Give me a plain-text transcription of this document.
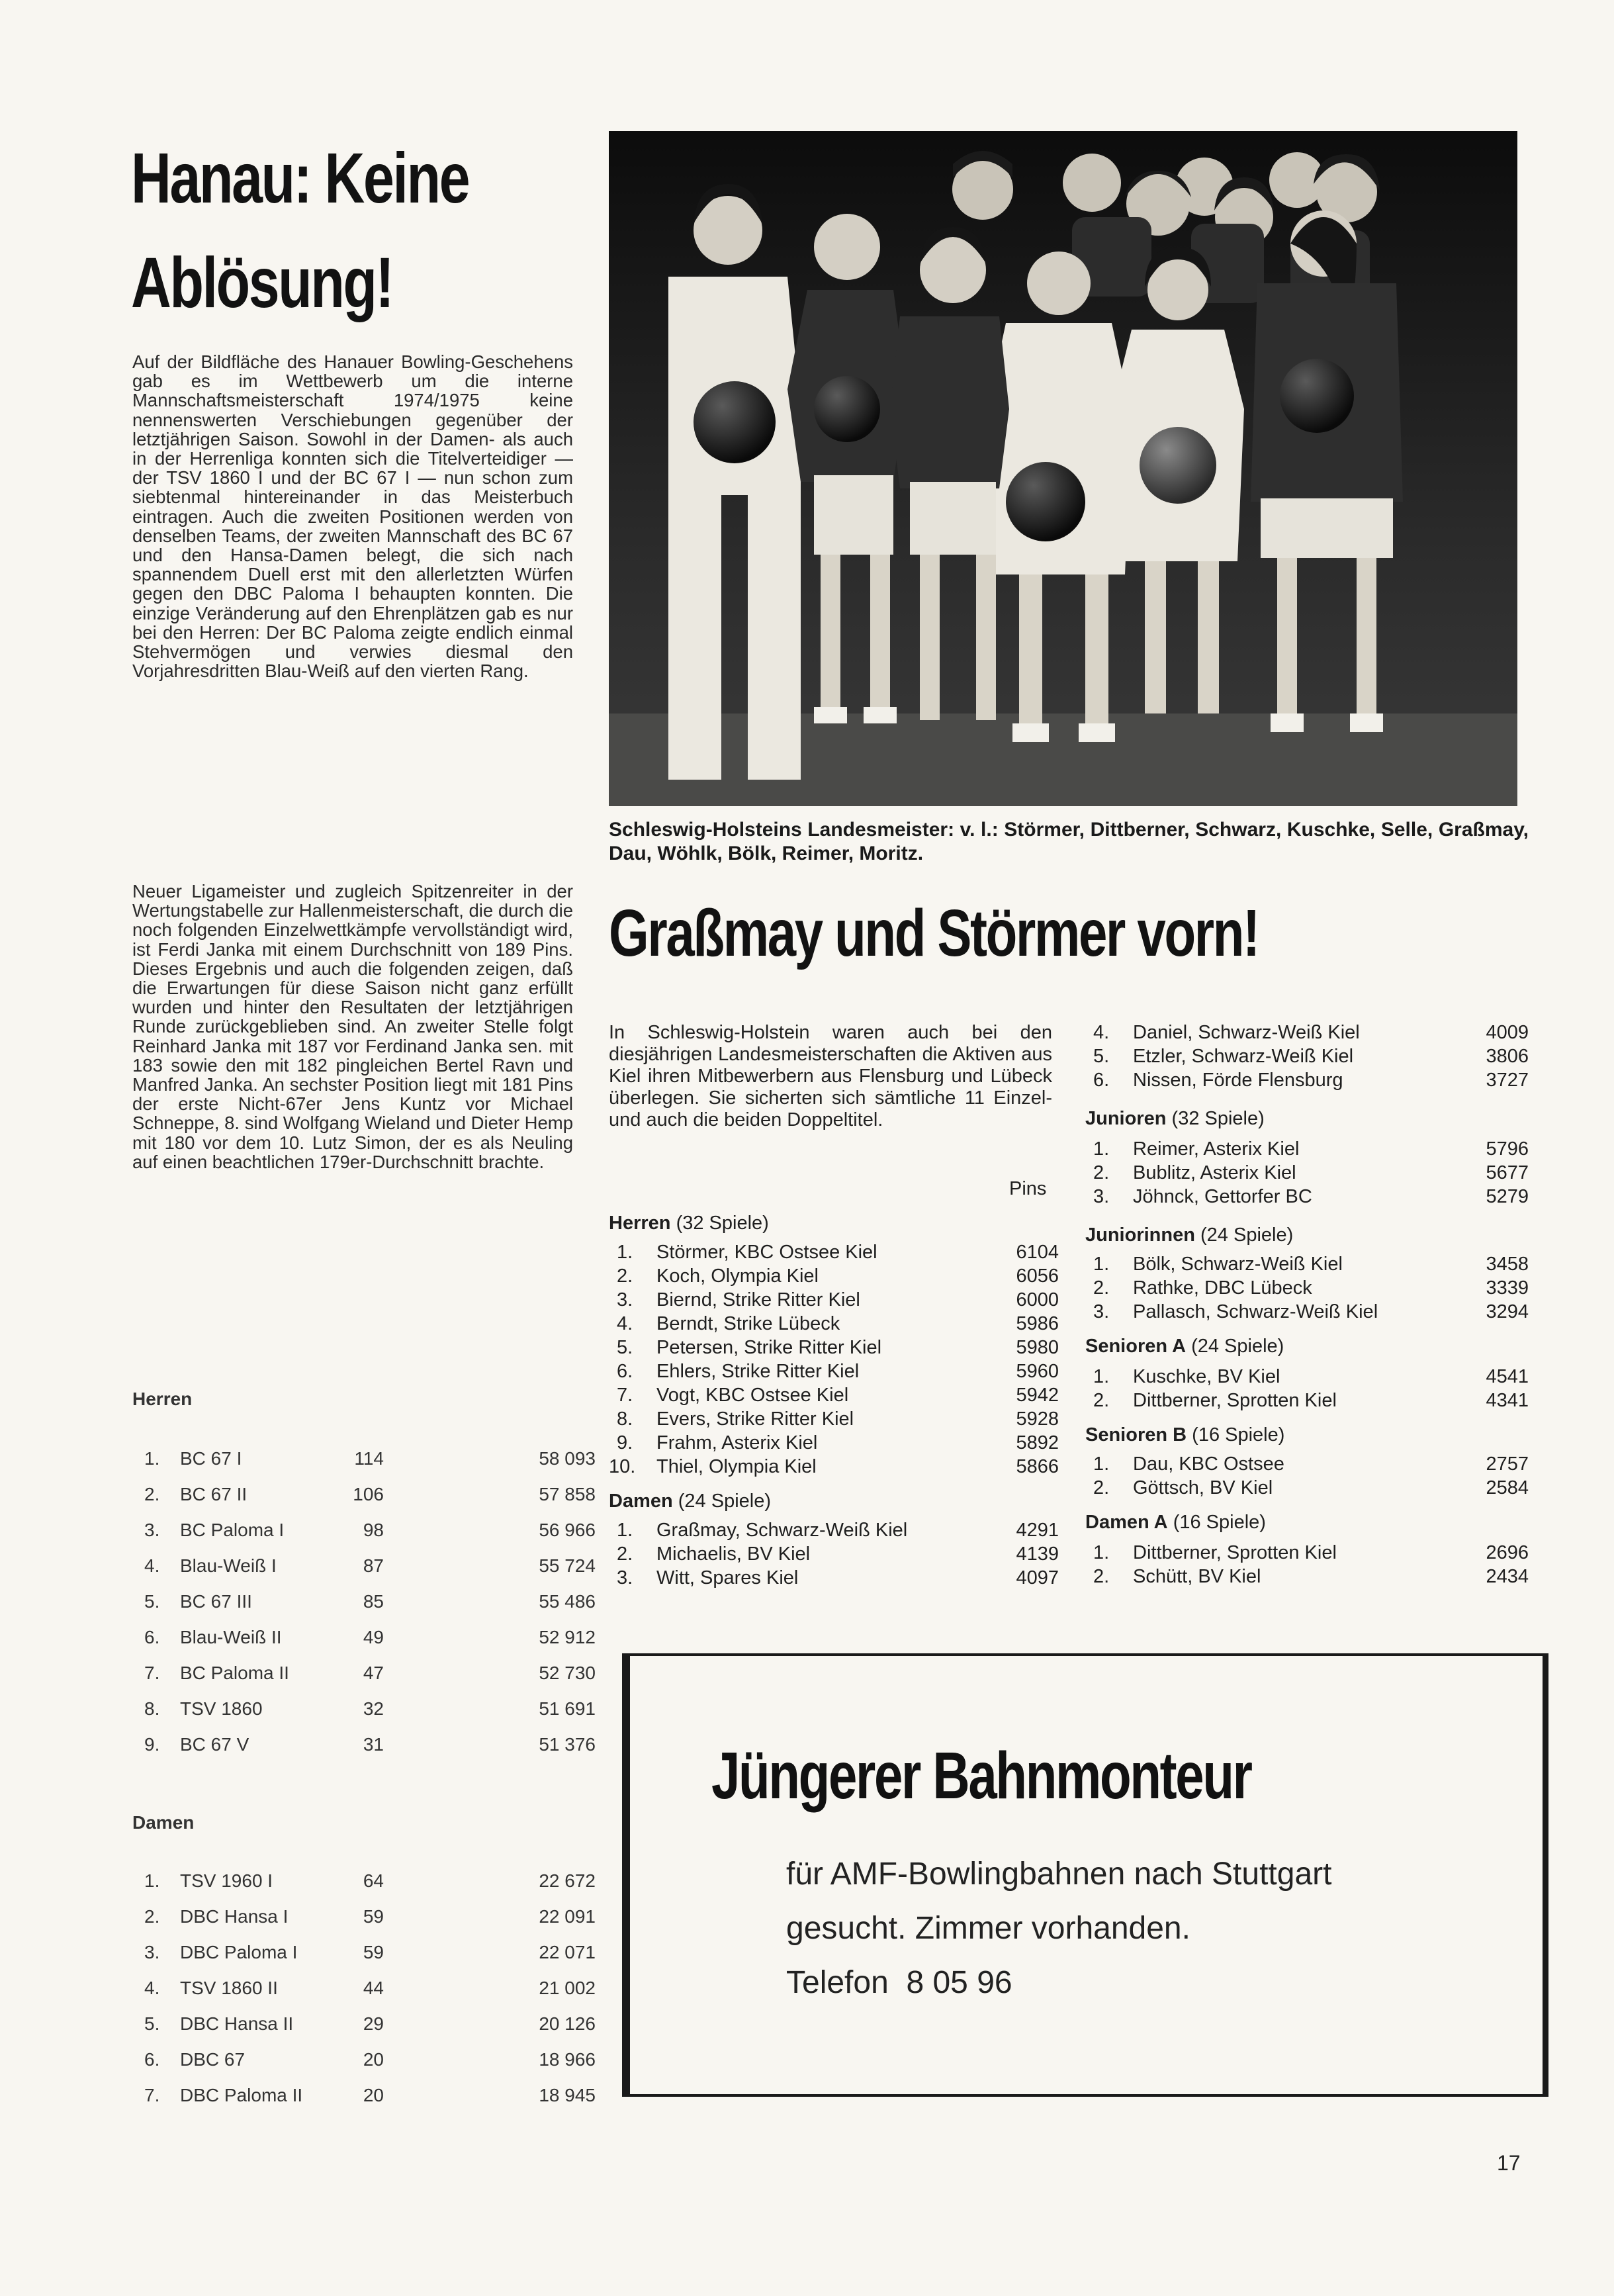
Hanau: Keine
Ablösung!
Auf der Bildfläche des Hanauer Bowling-Geschehens gab es im Wettbewerb um die interne Mannschaftsmeisterschaft 1974/1975 keine nennenswerten Verschiebungen gegenüber der letztjährigen Saison. Sowohl in der Damen- als auch in der Herrenliga konnten sich die Titelverteidiger — der TSV 1860 I und der BC 67 I — nun schon zum siebtenmal hintereinander in das Meisterbuch eintragen. Auch die zweiten Positionen werden von denselben Teams, der zweiten Mannschaft des BC 67 und den Hansa-Damen belegt, die sich nach spannendem Duell erst mit den allerletzten Würfen gegen den DBC Paloma I behaupten konnten. Die einzige Veränderung auf den Ehrenplätzen gab es nur bei den Herren: Der BC Paloma zeigte endlich einmal Stehvermögen und verwies diesmal den Vorjahresdritten Blau-Weiß auf den vierten Rang.
Neuer Ligameister und zugleich Spitzenreiter in der Wertungstabelle zur Hallenmeisterschaft, die durch die noch folgenden Einzelwettkämpfe vervollständigt wird, ist Ferdi Janka mit einem Durchschnitt von 189 Pins. Dieses Ergebnis und auch die folgenden zeigen, daß die Erwartungen für diese Saison nicht ganz erfüllt wurden und hinter den Resultaten der letztjährigen Runde zurückgeblieben sind. An zweiter Stelle folgt Reinhard Janka mit 187 vor Ferdinand Janka sen. mit 183 sowie den mit 182 pingleichen Bertel Ravn und Manfred Janka. An sechster Position liegt mit 181 Pins der erste Nicht-67er Jens Kuntz vor Michael Schneppe, 8. sind Wolfgang Wieland und Dieter Hemp mit 180 vor dem 10. Lutz Simon, der es als Neuling auf einen beachtlichen 179er-Durchschnitt brachte.
Herren
1. BC 67 I	114	58 093
2. BC 67 II	106	57 858
3. BC Paloma I	98	56 966
4. Blau-Weiß I	87	55 724
5. BC 67 III	85	55 486
6. Blau-Weiß II	49	52 912
7. BC Paloma II	47	52 730
8. TSV 1860	32	51 691
9. BC 67 V	31	51 376
Damen
1. TSV 1960 I	64	22 672
2. DBC Hansa I	59	22 091
3. DBC Paloma I	59	22 071
4. TSV 1860 II	44	21 002
5. DBC Hansa II	29	20 126
6. DBC 67	20	18 966
7. DBC Paloma II	20	18 945
Schleswig-Holsteins Landesmeister: v. l.: Störmer, Dittberner, Schwarz, Kuschke, Selle, Graßmay, Dau, Wöhlk, Bölk, Reimer, Moritz.
Graßmay und Störmer vorn!
In Schleswig-Holstein waren auch bei den diesjährigen Landesmeisterschaften die Aktiven aus Kiel ihren Mitbewerbern aus Flensburg und Lübeck überlegen. Sie sicherten sich sämtliche 11 Einzel- und auch die beiden Doppeltitel.
Pins
Herren (32 Spiele)
1. Störmer, KBC Ostsee Kiel	6104
2. Koch, Olympia Kiel	6056
3. Biernd, Strike Ritter Kiel	6000
4. Berndt, Strike Lübeck	5986
5. Petersen, Strike Ritter Kiel	5980
6. Ehlers, Strike Ritter Kiel	5960
7. Vogt, KBC Ostsee Kiel	5942
8. Evers, Strike Ritter Kiel	5928
9. Frahm, Asterix Kiel	5892
10. Thiel, Olympia Kiel	5866
Damen (24 Spiele)
1. Graßmay, Schwarz-Weiß Kiel	4291
2. Michaelis, BV Kiel	4139
3. Witt, Spares Kiel	4097
4. Daniel, Schwarz-Weiß Kiel	4009
5. Etzler, Schwarz-Weiß Kiel	3806
6. Nissen, Förde Flensburg	3727
Junioren (32 Spiele)
1. Reimer, Asterix Kiel	5796
2. Bublitz, Asterix Kiel	5677
3. Jöhnck, Gettorfer BC	5279
Juniorinnen (24 Spiele)
1. Bölk, Schwarz-Weiß Kiel	3458
2. Rathke, DBC Lübeck	3339
3. Pallasch, Schwarz-Weiß Kiel	3294
Senioren A (24 Spiele)
1. Kuschke, BV Kiel	4541
2. Dittberner, Sprotten Kiel	4341
Senioren B (16 Spiele)
1. Dau, KBC Ostsee	2757
2. Göttsch, BV Kiel	2584
Damen A (16 Spiele)
1. Dittberner, Sprotten Kiel	2696
2. Schütt, BV Kiel	2434
Jüngerer Bahnmonteur
für AMF-Bowlingbahnen nach Stuttgart
gesucht. Zimmer vorhanden.
Telefon  8 05 96
17
